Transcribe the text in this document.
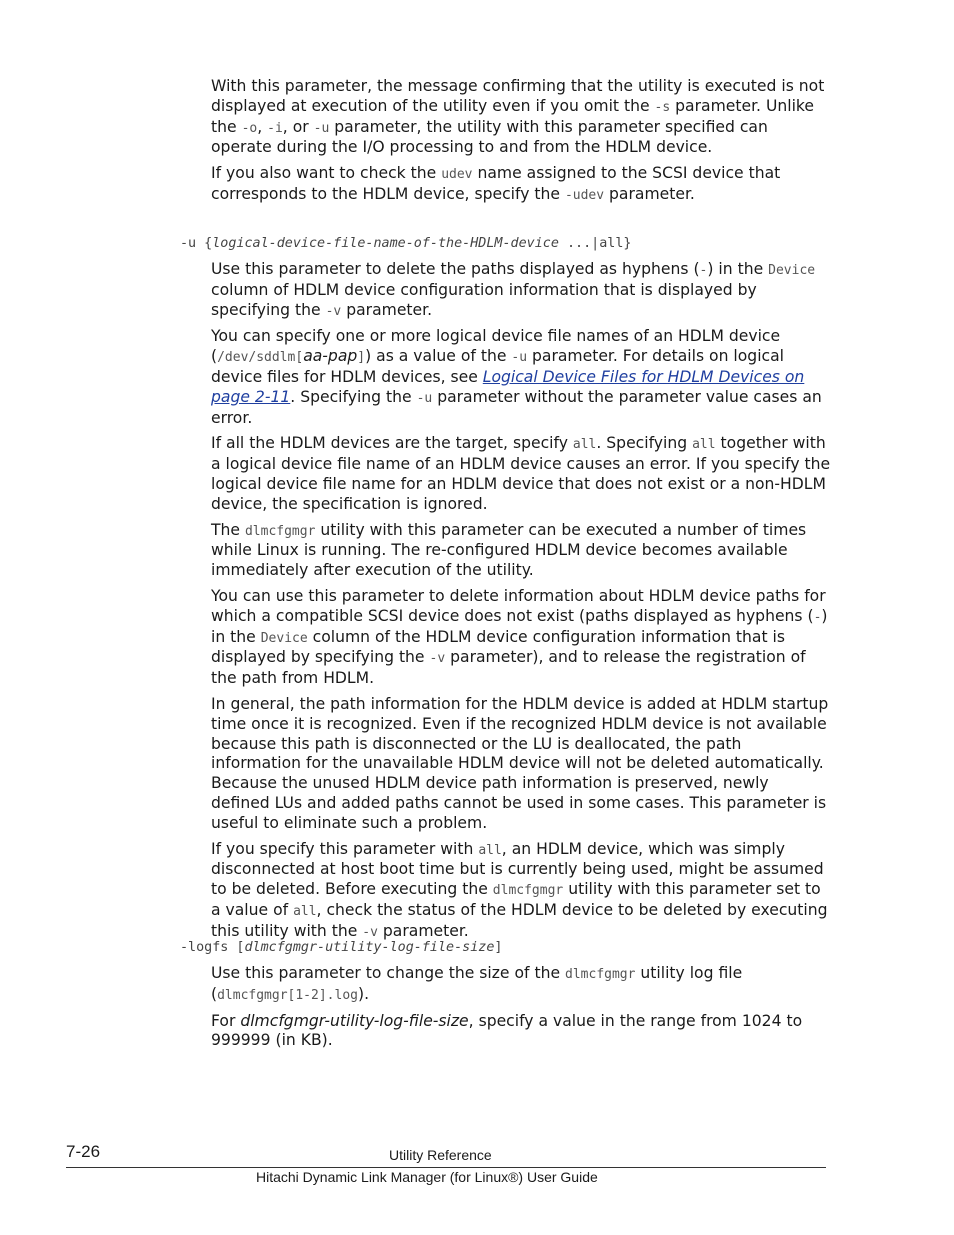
With this parameter, the message confirming that the utility is executed is not displayed at execution of the utility even if you omit the -s parameter. Unlike the -o, -i, or -u parameter, the utility with this parameter specified can operate during the I/O processing to and from the HDLM device.

If you also want to check the udev name assigned to the SCSI device that corresponds to the HDLM device, specify the -udev parameter.

-u {logical-device-file-name-of-the-HDLM-device ...|all}

Use this parameter to delete the paths displayed as hyphens (-) in the Device column of HDLM device configuration information that is displayed by specifying the -v parameter.

You can specify one or more logical device file names of an HDLM device (/dev/sddlm[aa-pap]) as a value of the -u parameter. For details on logical device files for HDLM devices, see Logical Device Files for HDLM Devices on page 2-11. Specifying the -u parameter without the parameter value cases an error.

If all the HDLM devices are the target, specify all. Specifying all together with a logical device file name of an HDLM device causes an error. If you specify the logical device file name for an HDLM device that does not exist or a non-HDLM device, the specification is ignored.

The dlmcfgmgr utility with this parameter can be executed a number of times while Linux is running. The re-configured HDLM device becomes available immediately after execution of the utility.

You can use this parameter to delete information about HDLM device paths for which a compatible SCSI device does not exist (paths displayed as hyphens (-) in the Device column of the HDLM device configuration information that is displayed by specifying the -v parameter), and to release the registration of the path from HDLM.

In general, the path information for the HDLM device is added at HDLM startup time once it is recognized. Even if the recognized HDLM device is not available because this path is disconnected or the LU is deallocated, the path information for the unavailable HDLM device will not be deleted automatically. Because the unused HDLM device path information is preserved, newly defined LUs and added paths cannot be used in some cases. This parameter is useful to eliminate such a problem.

If you specify this parameter with all, an HDLM device, which was simply disconnected at host boot time but is currently being used, might be assumed to be deleted. Before executing the dlmcfgmgr utility with this parameter set to a value of all, check the status of the HDLM device to be deleted by executing this utility with the -v parameter.

-logfs [dlmcfgmgr-utility-log-file-size]

Use this parameter to change the size of the dlmcfgmgr utility log file (dlmcfgmgr[1-2].log).

For dlmcfgmgr-utility-log-file-size, specify a value in the range from 1024 to 999999 (in KB).

7-26	Utility Reference
Hitachi Dynamic Link Manager (for Linux®) User Guide
